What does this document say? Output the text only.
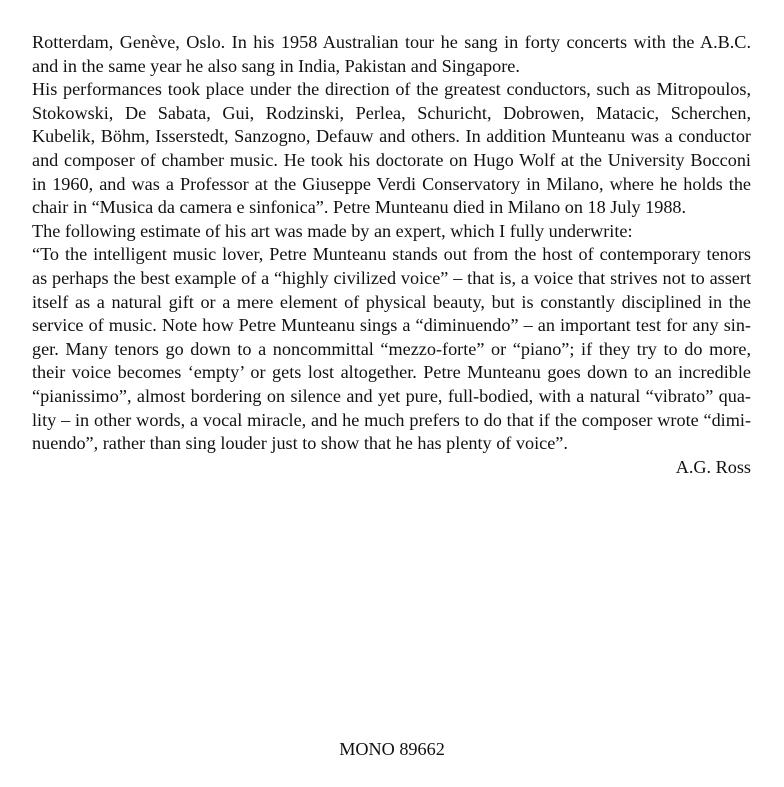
Rotterdam, Genève, Oslo. In his 1958 Australian tour he sang in forty concerts with the A.B.C.
and in the same year he also sang in India, Pakistan and Singapore.
His performances took place under the direction of the greatest conductors, such as Mitropoulos,
Stokowski, De Sabata, Gui, Rodzinski, Perlea, Schuricht, Dobrowen, Matacic, Scherchen,
Kubelik, Böhm, Isserstedt, Sanzogno, Defauw and others. In addition Munteanu was a conductor
and composer of chamber music. He took his doctorate on Hugo Wolf at the University Bocconi
in 1960, and was a Professor at the Giuseppe Verdi Conservatory in Milano, where he holds the
chair in “Musica da camera e sinfonica”. Petre Munteanu died in Milano on 18 July 1988.
The following estimate of his art was made by an expert, which I fully underwrite:
“To the intelligent music lover, Petre Munteanu stands out from the host of contemporary tenors
as perhaps the best example of a “highly civilized voice” – that is, a voice that strives not to assert
itself as a natural gift or a mere element of physical beauty, but is constantly disciplined in the
service of music. Note how Petre Munteanu sings a “diminuendo” – an important test for any sin-
ger. Many tenors go down to a noncommittal “mezzo-forte” or “piano”; if they try to do more,
their voice becomes ‘empty’ or gets lost altogether. Petre Munteanu goes down to an incredible
“pianissimo”, almost bordering on silence and yet pure, full-bodied, with a natural “vibrato” qua-
lity – in other words, a vocal miracle, and he much prefers to do that if the composer wrote “dimi-
nuendo”, rather than sing louder just to show that he has plenty of voice”.
A.G. Ross
MONO 89662
